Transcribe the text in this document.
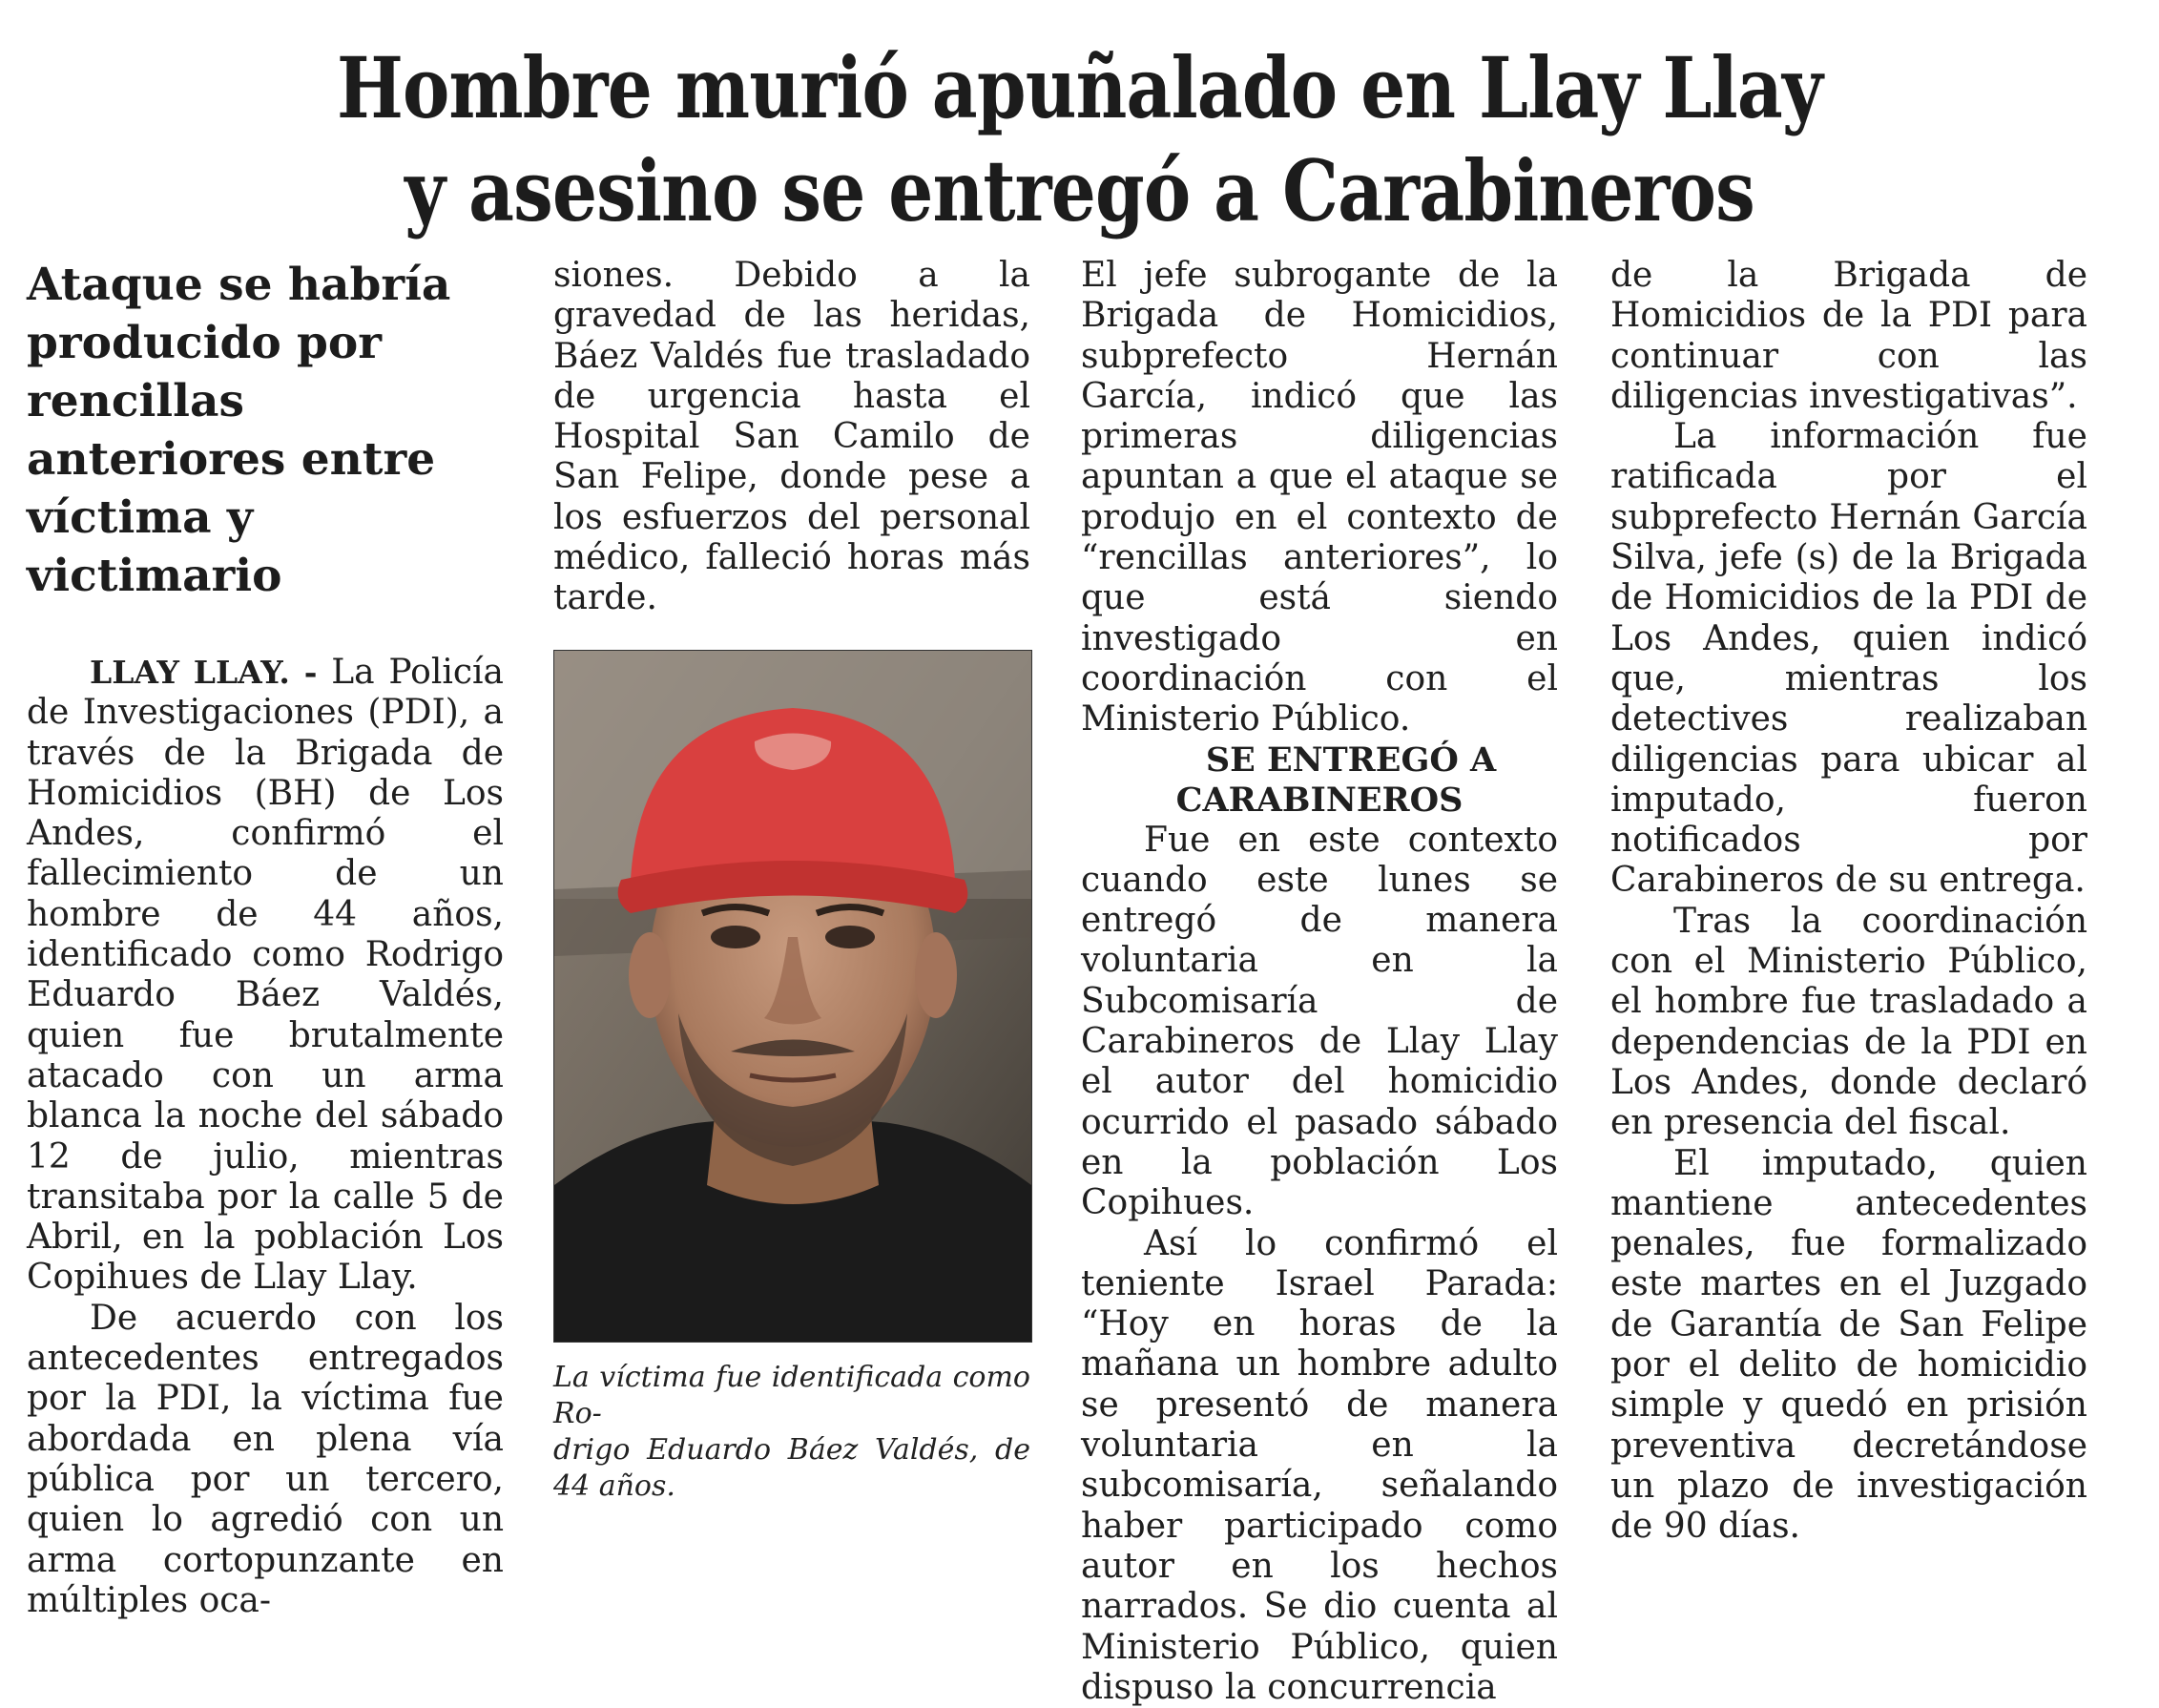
Hombre murió apuñalado en Llay Llay
y asesino se entregó a Carabineros
Ataque se habría producido por rencillas anteriores entre víctima y victimario

LLAY LLAY. - La Policía de Investigaciones (PDI), a través de la Brigada de Homicidios (BH) de Los Andes, confirmó el fallecimiento de un hombre de 44 años, identificado como Rodrigo Eduardo Báez Valdés, quien fue brutalmente atacado con un arma blanca la noche del sábado 12 de julio, mientras transitaba por la calle 5 de Abril, en la población Los Copihues de Llay Llay.

De acuerdo con los antecedentes entregados por la PDI, la víctima fue abordada en plena vía pública por un tercero, quien lo agredió con un arma cortopunzante en múltiples oca-

siones. Debido a la gravedad de las heridas, Báez Valdés fue trasladado de urgencia hasta el Hospital San Camilo de San Felipe, donde pese a los esfuerzos del personal médico, falleció horas más tarde.

La víctima fue identificada como Ro-
drigo Eduardo Báez Valdés, de 44 años.

El jefe subrogante de la Brigada de Homicidios, subprefecto Hernán García, indicó que las primeras diligencias apuntan a que el ataque se produjo en el contexto de “rencillas anteriores”, lo que está siendo investigado en coordinación con el Ministerio Público.

SE ENTREGÓ A
CARABINEROS

Fue en este contexto cuando este lunes se entregó de manera voluntaria en la Subcomisaría de Carabineros de Llay Llay el autor del homicidio ocurrido el pasado sábado en la población Los Copihues.

Así lo confirmó el teniente Israel Parada: “Hoy en horas de la mañana un hombre adulto se presentó de manera voluntaria en la subcomisaría, señalando haber participado como autor en los hechos narrados. Se dio cuenta al Ministerio Público, quien dispuso la concurrencia

de la Brigada de Homicidios de la PDI para continuar con las diligencias investigativas”.

La información fue ratificada por el subprefecto Hernán García Silva, jefe (s) de la Brigada de Homicidios de la PDI de Los Andes, quien indicó que, mientras los detectives realizaban diligencias para ubicar al imputado, fueron notificados por Carabineros de su entrega.

Tras la coordinación con el Ministerio Público, el hombre fue trasladado a dependencias de la PDI en Los Andes, donde declaró en presencia del fiscal.

El imputado, quien mantiene antecedentes penales, fue formalizado este martes en el Juzgado de Garantía de San Felipe por el delito de homicidio simple y quedó en prisión preventiva decretándose un plazo de investigación de 90 días.
